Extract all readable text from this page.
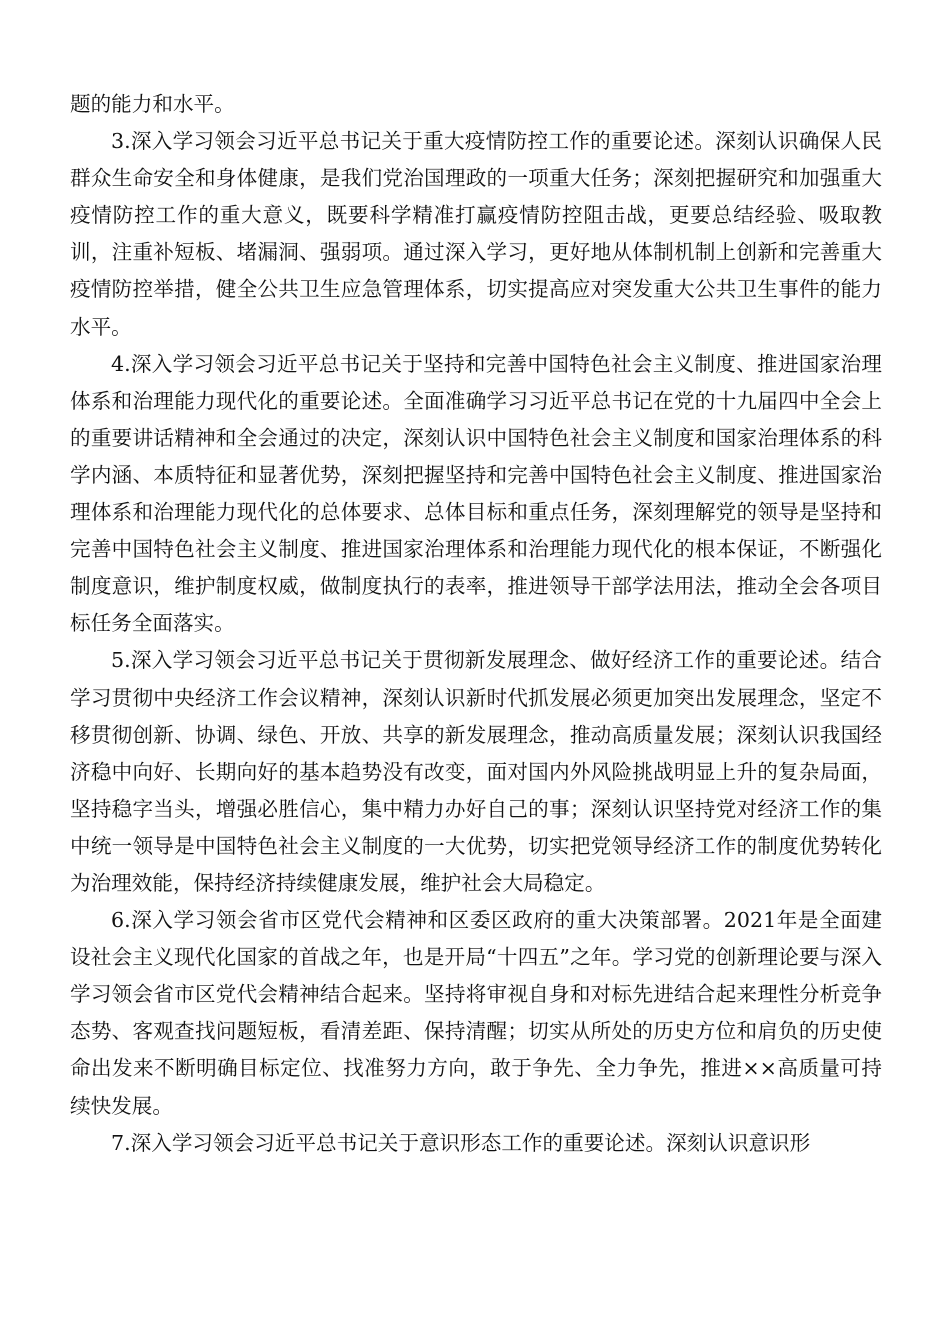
题的能力和水平。

3.深入学习领会习近平总书记关于重大疫情防控工作的重要论述。深刻认识确保人民群众生命安全和身体健康，是我们党治国理政的一项重大任务；深刻把握研究和加强重大疫情防控工作的重大意义，既要科学精准打赢疫情防控阻击战，更要总结经验、吸取教训，注重补短板、堵漏洞、强弱项。通过深入学习，更好地从体制机制上创新和完善重大疫情防控举措，健全公共卫生应急管理体系，切实提高应对突发重大公共卫生事件的能力水平。

4.深入学习领会习近平总书记关于坚持和完善中国特色社会主义制度、推进国家治理体系和治理能力现代化的重要论述。全面准确学习习近平总书记在党的十九届四中全会上的重要讲话精神和全会通过的决定，深刻认识中国特色社会主义制度和国家治理体系的科学内涵、本质特征和显著优势，深刻把握坚持和完善中国特色社会主义制度、推进国家治理体系和治理能力现代化的总体要求、总体目标和重点任务，深刻理解党的领导是坚持和完善中国特色社会主义制度、推进国家治理体系和治理能力现代化的根本保证，不断强化制度意识，维护制度权威，做制度执行的表率，推进领导干部学法用法，推动全会各项目标任务全面落实。

5.深入学习领会习近平总书记关于贯彻新发展理念、做好经济工作的重要论述。结合学习贯彻中央经济工作会议精神，深刻认识新时代抓发展必须更加突出发展理念，坚定不移贯彻创新、协调、绿色、开放、共享的新发展理念，推动高质量发展；深刻认识我国经济稳中向好、长期向好的基本趋势没有改变，面对国内外风险挑战明显上升的复杂局面，坚持稳字当头，增强必胜信心，集中精力办好自己的事；深刻认识坚持党对经济工作的集中统一领导是中国特色社会主义制度的一大优势，切实把党领导经济工作的制度优势转化为治理效能，保持经济持续健康发展，维护社会大局稳定。

6.深入学习领会省市区党代会精神和区委区政府的重大决策部署。2021年是全面建设社会主义现代化国家的首战之年，也是开局“十四五”之年。学习党的创新理论要与深入学习领会省市区党代会精神结合起来。坚持将审视自身和对标先进结合起来理性分析竞争态势、客观查找问题短板，看清差距、保持清醒；切实从所处的历史方位和肩负的历史使命出发来不断明确目标定位、找准努力方向，敢于争先、全力争先，推进××高质量可持续快发展。

7.深入学习领会习近平总书记关于意识形态工作的重要论述。深刻认识意识形
